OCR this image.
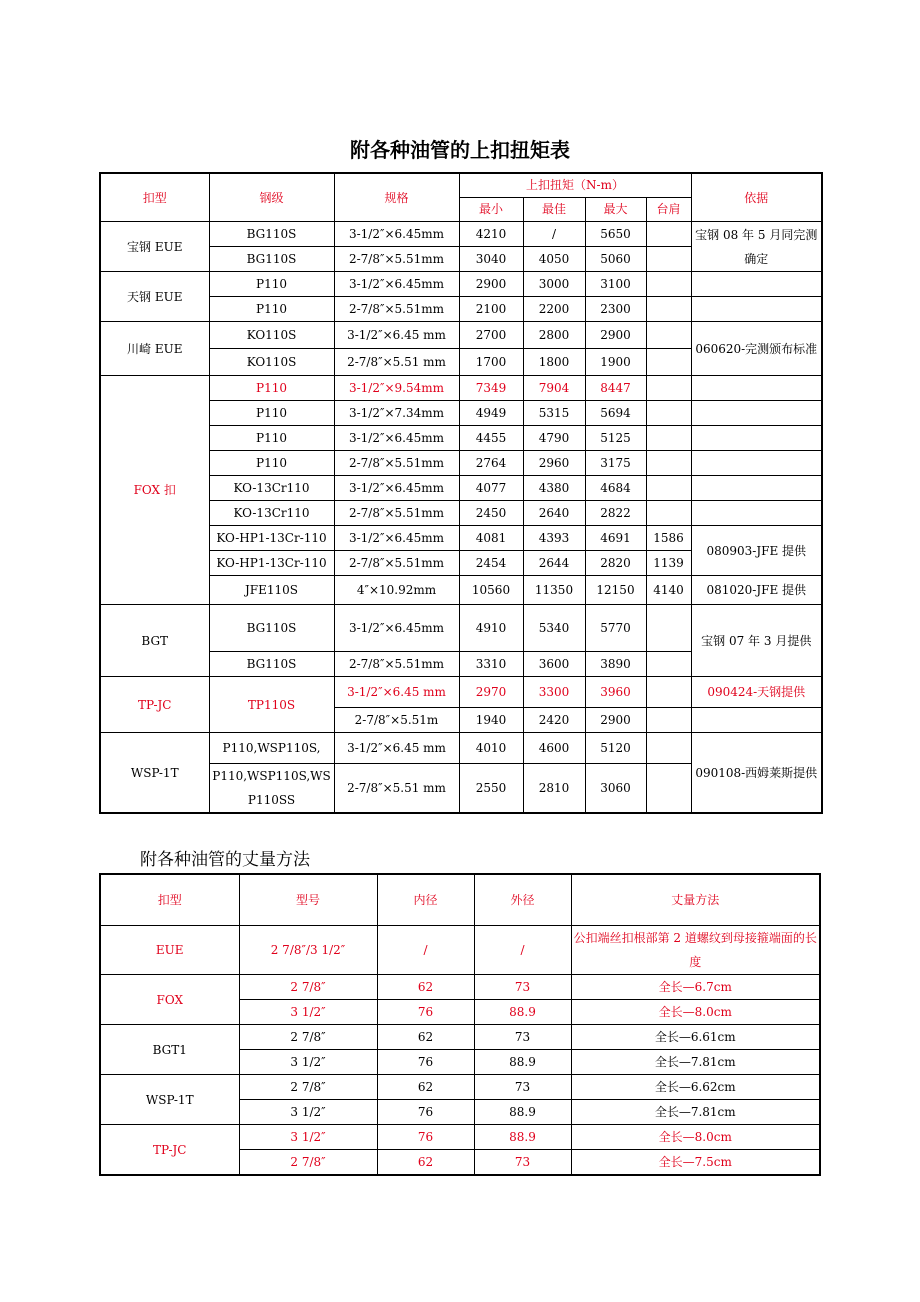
附各种油管的上扣扭矩表
扣型	钢级	规格	上扣扭矩（N-m）				依据
			最小	最佳	最大	台肩	
宝钢 EUE	BG110S	3-1/2″×6.45mm	4210	/	5650		宝钢 08 年 5 月同完测确定
	BG110S	2-7/8″×5.51mm	3040	4050	5060		
天钢 EUE	P110	3-1/2″×6.45mm	2900	3000	3100		
	P110	2-7/8″×5.51mm	2100	2200	2300		
川崎 EUE	KO110S	3-1/2″×6.45 mm	2700	2800	2900		060620-完测颁布标准
	KO110S	2-7/8″×5.51 mm	1700	1800	1900		
FOX 扣	P110	3-1/2″×9.54mm	7349	7904	8447		
	P110	3-1/2″×7.34mm	4949	5315	5694		
	P110	3-1/2″×6.45mm	4455	4790	5125		
	P110	2-7/8″×5.51mm	2764	2960	3175		
	KO-13Cr110	3-1/2″×6.45mm	4077	4380	4684		
	KO-13Cr110	2-7/8″×5.51mm	2450	2640	2822		
	KO-HP1-13Cr-110	3-1/2″×6.45mm	4081	4393	4691	1586	080903-JFE 提供
	KO-HP1-13Cr-110	2-7/8″×5.51mm	2454	2644	2820	1139	
	JFE110S	4″×10.92mm	10560	11350	12150	4140	081020-JFE 提供
BGT	BG110S	3-1/2″×6.45mm	4910	5340	5770		宝钢 07 年 3 月提供
	BG110S	2-7/8″×5.51mm	3310	3600	3890		
TP-JC	TP110S	3-1/2″×6.45 mm	2970	3300	3960		090424-天钢提供
		2-7/8″×5.51m	1940	2420	2900		
WSP-1T	P110,WSP110S,	3-1/2″×6.45 mm	4010	4600	5120		090108-西姆莱斯提供
	P110,WSP110S,WS P110SS	2-7/8″×5.51 mm	2550	2810	3060		
附各种油管的丈量方法
扣型	型号	内径	外径	丈量方法
EUE	2 7/8″/3 1/2″	/	/	公扣端丝扣根部第 2 道螺纹到母接箍端面的长度
FOX	2 7/8″	62	73	全长—6.7cm
	3 1/2″	76	88.9	全长—8.0cm
BGT1	2 7/8″	62	73	全长—6.61cm
	3 1/2″	76	88.9	全长—7.81cm
WSP-1T	2 7/8″	62	73	全长—6.62cm
	3 1/2″	76	88.9	全长—7.81cm
TP-JC	3 1/2″	76	88.9	全长—8.0cm
	2 7/8″	62	73	全长—7.5cm
